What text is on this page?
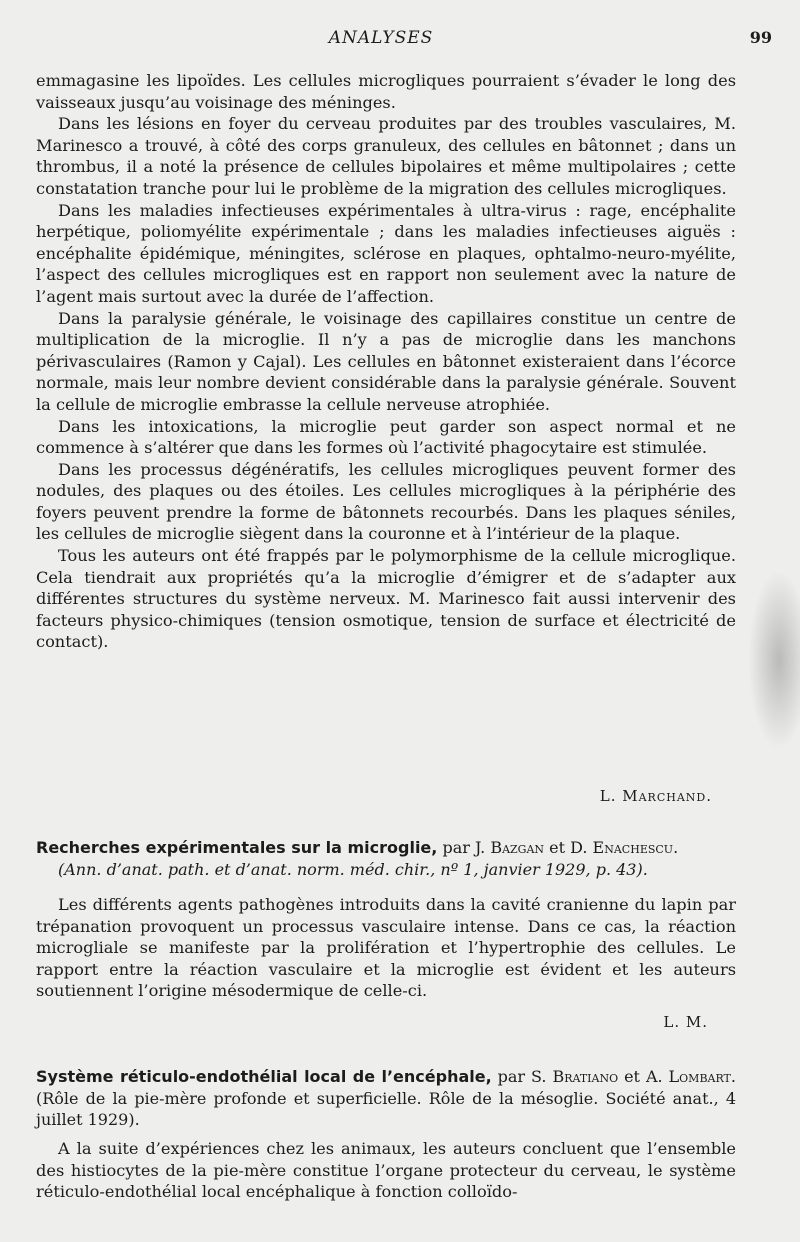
ANALYSES	99

emmagasine les lipoïdes. Les cellules microgliques pourraient s’évader le long des vaisseaux jusqu’au voisinage des méninges.

Dans les lésions en foyer du cerveau produites par des troubles vasculaires, M. Marinesco a trouvé, à côté des corps granuleux, des cellules en bâtonnet ; dans un thrombus, il a noté la présence de cellules bipolaires et même multipolaires ; cette constatation tranche pour lui le problème de la migration des cellules microgliques.

Dans les maladies infectieuses expérimentales à ultra-virus : rage, encéphalite herpétique, poliomyélite expérimentale ; dans les maladies infectieuses aiguës : encéphalite épidémique, méningites, sclérose en plaques, ophtalmo-neuro-myélite, l’aspect des cellules microgliques est en rapport non seulement avec la nature de l’agent mais surtout avec la durée de l’affection.

Dans la paralysie générale, le voisinage des capillaires constitue un centre de multiplication de la microglie. Il n’y a pas de microglie dans les manchons périvasculaires (Ramon y Cajal). Les cellules en bâtonnet existeraient dans l’écorce normale, mais leur nombre devient considérable dans la paralysie générale. Souvent la cellule de microglie embrasse la cellule nerveuse atrophiée.

Dans les intoxications, la microglie peut garder son aspect normal et ne commence à s’altérer que dans les formes où l’activité phagocytaire est stimulée.

Dans les processus dégénératifs, les cellules microgliques peuvent former des nodules, des plaques ou des étoiles. Les cellules microgliques à la périphérie des foyers peuvent prendre la forme de bâtonnets recourbés. Dans les plaques séniles, les cellules de microglie siègent dans la couronne et à l’intérieur de la plaque.

Tous les auteurs ont été frappés par le polymorphisme de la cellule microglique. Cela tiendrait aux propriétés qu’a la microglie d’émigrer et de s’adapter aux différentes structures du système nerveux. M. Marinesco fait aussi intervenir des facteurs physico-chimiques (tension osmotique, tension de surface et électricité de contact).

L. Marchand.

Recherches expérimentales sur la microglie, par J. Bazgan et D. Enachescu.

(Ann. d’anat. path. et d’anat. norm. méd. chir., nº 1, janvier 1929, p. 43).

Les différents agents pathogènes introduits dans la cavité cranienne du lapin par trépanation provoquent un processus vasculaire intense. Dans ce cas, la réaction microgliale se manifeste par la prolifération et l’hypertrophie des cellules. Le rapport entre la réaction vasculaire et la microglie est évident et les auteurs soutiennent l’origine mésodermique de celle-ci.

L. M.

Système réticulo-endothélial local de l’encéphale, par S. Bratiano et A. Lombart. (Rôle de la pie-mère profonde et superficielle. Rôle de la mésoglie. Société anat., 4 juillet 1929).

A la suite d’expériences chez les animaux, les auteurs concluent que l’ensemble des histiocytes de la pie-mère constitue l’organe protecteur du cerveau, le système réticulo-endothélial local encéphalique à fonction colloïdo-
